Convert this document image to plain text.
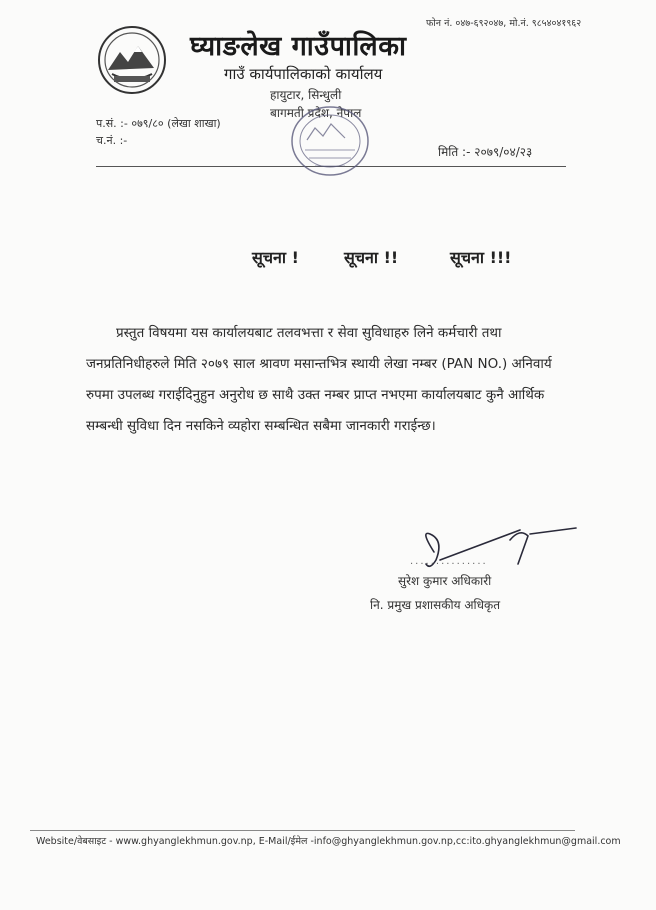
फोन नं. ०४७-६९२०४७, मो.नं. ९८५४०४१९६२
घ्याङलेख गाउँपालिका
गाउँ कार्यपालिकाको कार्यालय
हायुटार, सिन्धुली
बागमती प्रदेश, नेपाल
प.सं. :- ०७९/८० (लेखा शाखा)
च.नं. :-
मिति :- २०७९/०४/२३
सूचना !	सूचना !!	सूचना !!!
प्रस्तुत विषयमा यस कार्यालयबाट तलवभत्ता र सेवा सुविधाहरु लिने कर्मचारी तथा जनप्रतिनिधीहरुले मिति २०७९ साल श्रावण मसान्तभित्र स्थायी लेखा नम्बर (PAN NO.) अनिवार्य रुपमा उपलब्ध गराईदिनुहुन अनुरोध छ साथै उक्त नम्बर प्राप्त नभएमा कार्यालयबाट कुनै आर्थिक सम्बन्धी सुविधा दिन नसकिने व्यहोरा सम्बन्धित सबैमा जानकारी गराईन्छ।
...............
सुरेश कुमार अधिकारी
नि. प्रमुख प्रशासकीय अधिकृत
Website/वेबसाइट - www.ghyanglekhmun.gov.np, E-Mail/ईमेल -info@ghyanglekhmun.gov.np,cc:ito.ghyanglekhmun@gmail.com
